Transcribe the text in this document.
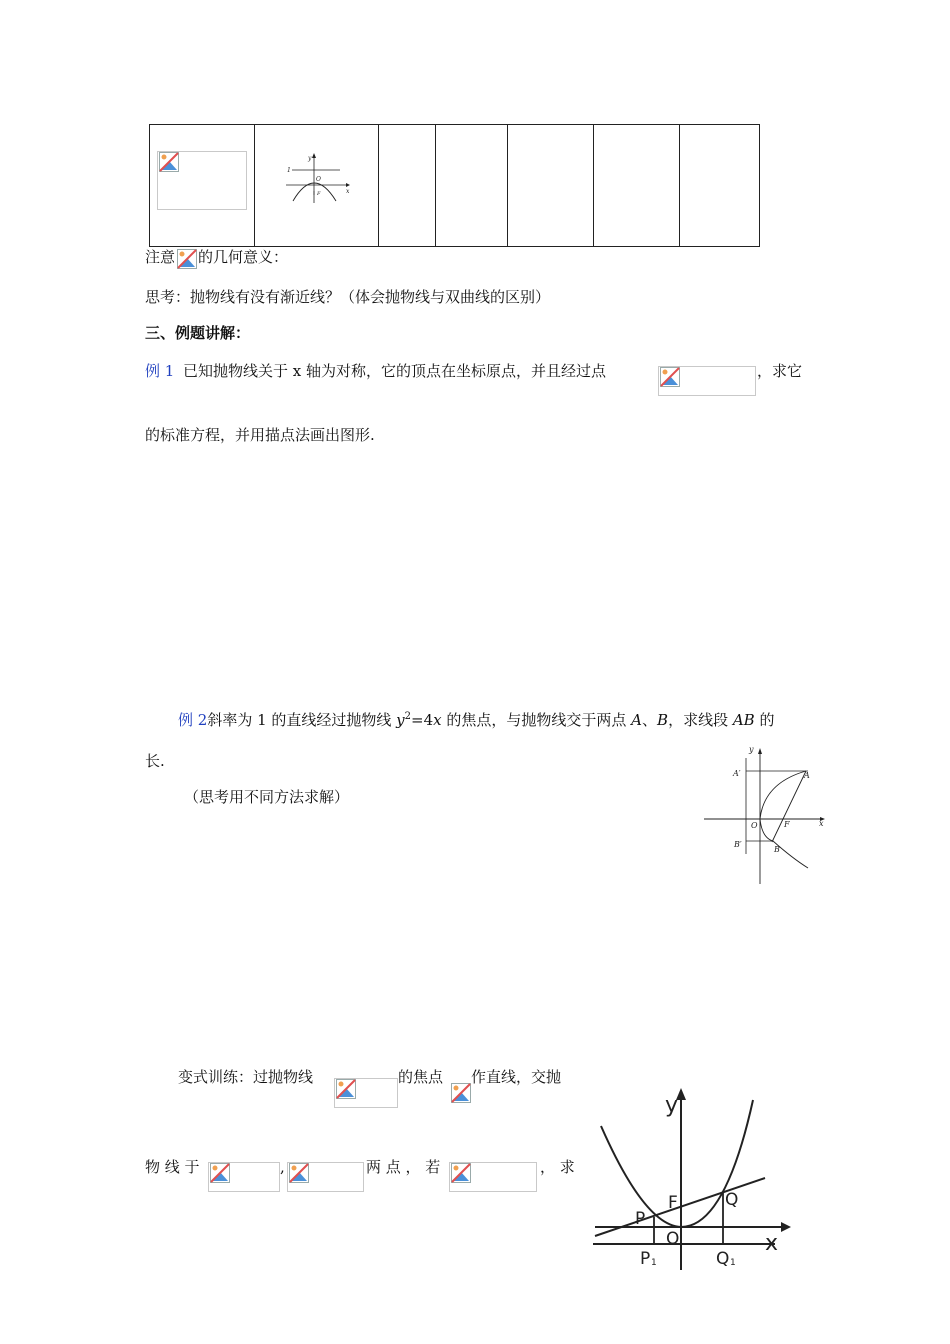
y
x
O
1
F
注意 的几何意义：
思考：抛物线有没有渐近线？（体会抛物线与双曲线的区别）
三、例题讲解：
例 1 已知抛物线关于 x 轴为对称，它的顶点在坐标原点，并且经过点	，求它
的标准方程，并用描点法画出图形.
例 2斜率为 1 的直线经过抛物线 $y^2=4x$ 的焦点，与抛物线交于两点 A、B，求线段 AB 的
长.
（思考用不同方法求解）
y
A′	A
O	F	x
B′
B
变式训练：过抛物线	的焦点 作直线，交抛
物 线 于	,	两 点 ， 若	， 求
y
x
F	Q
P
O
P 1	Q 1
